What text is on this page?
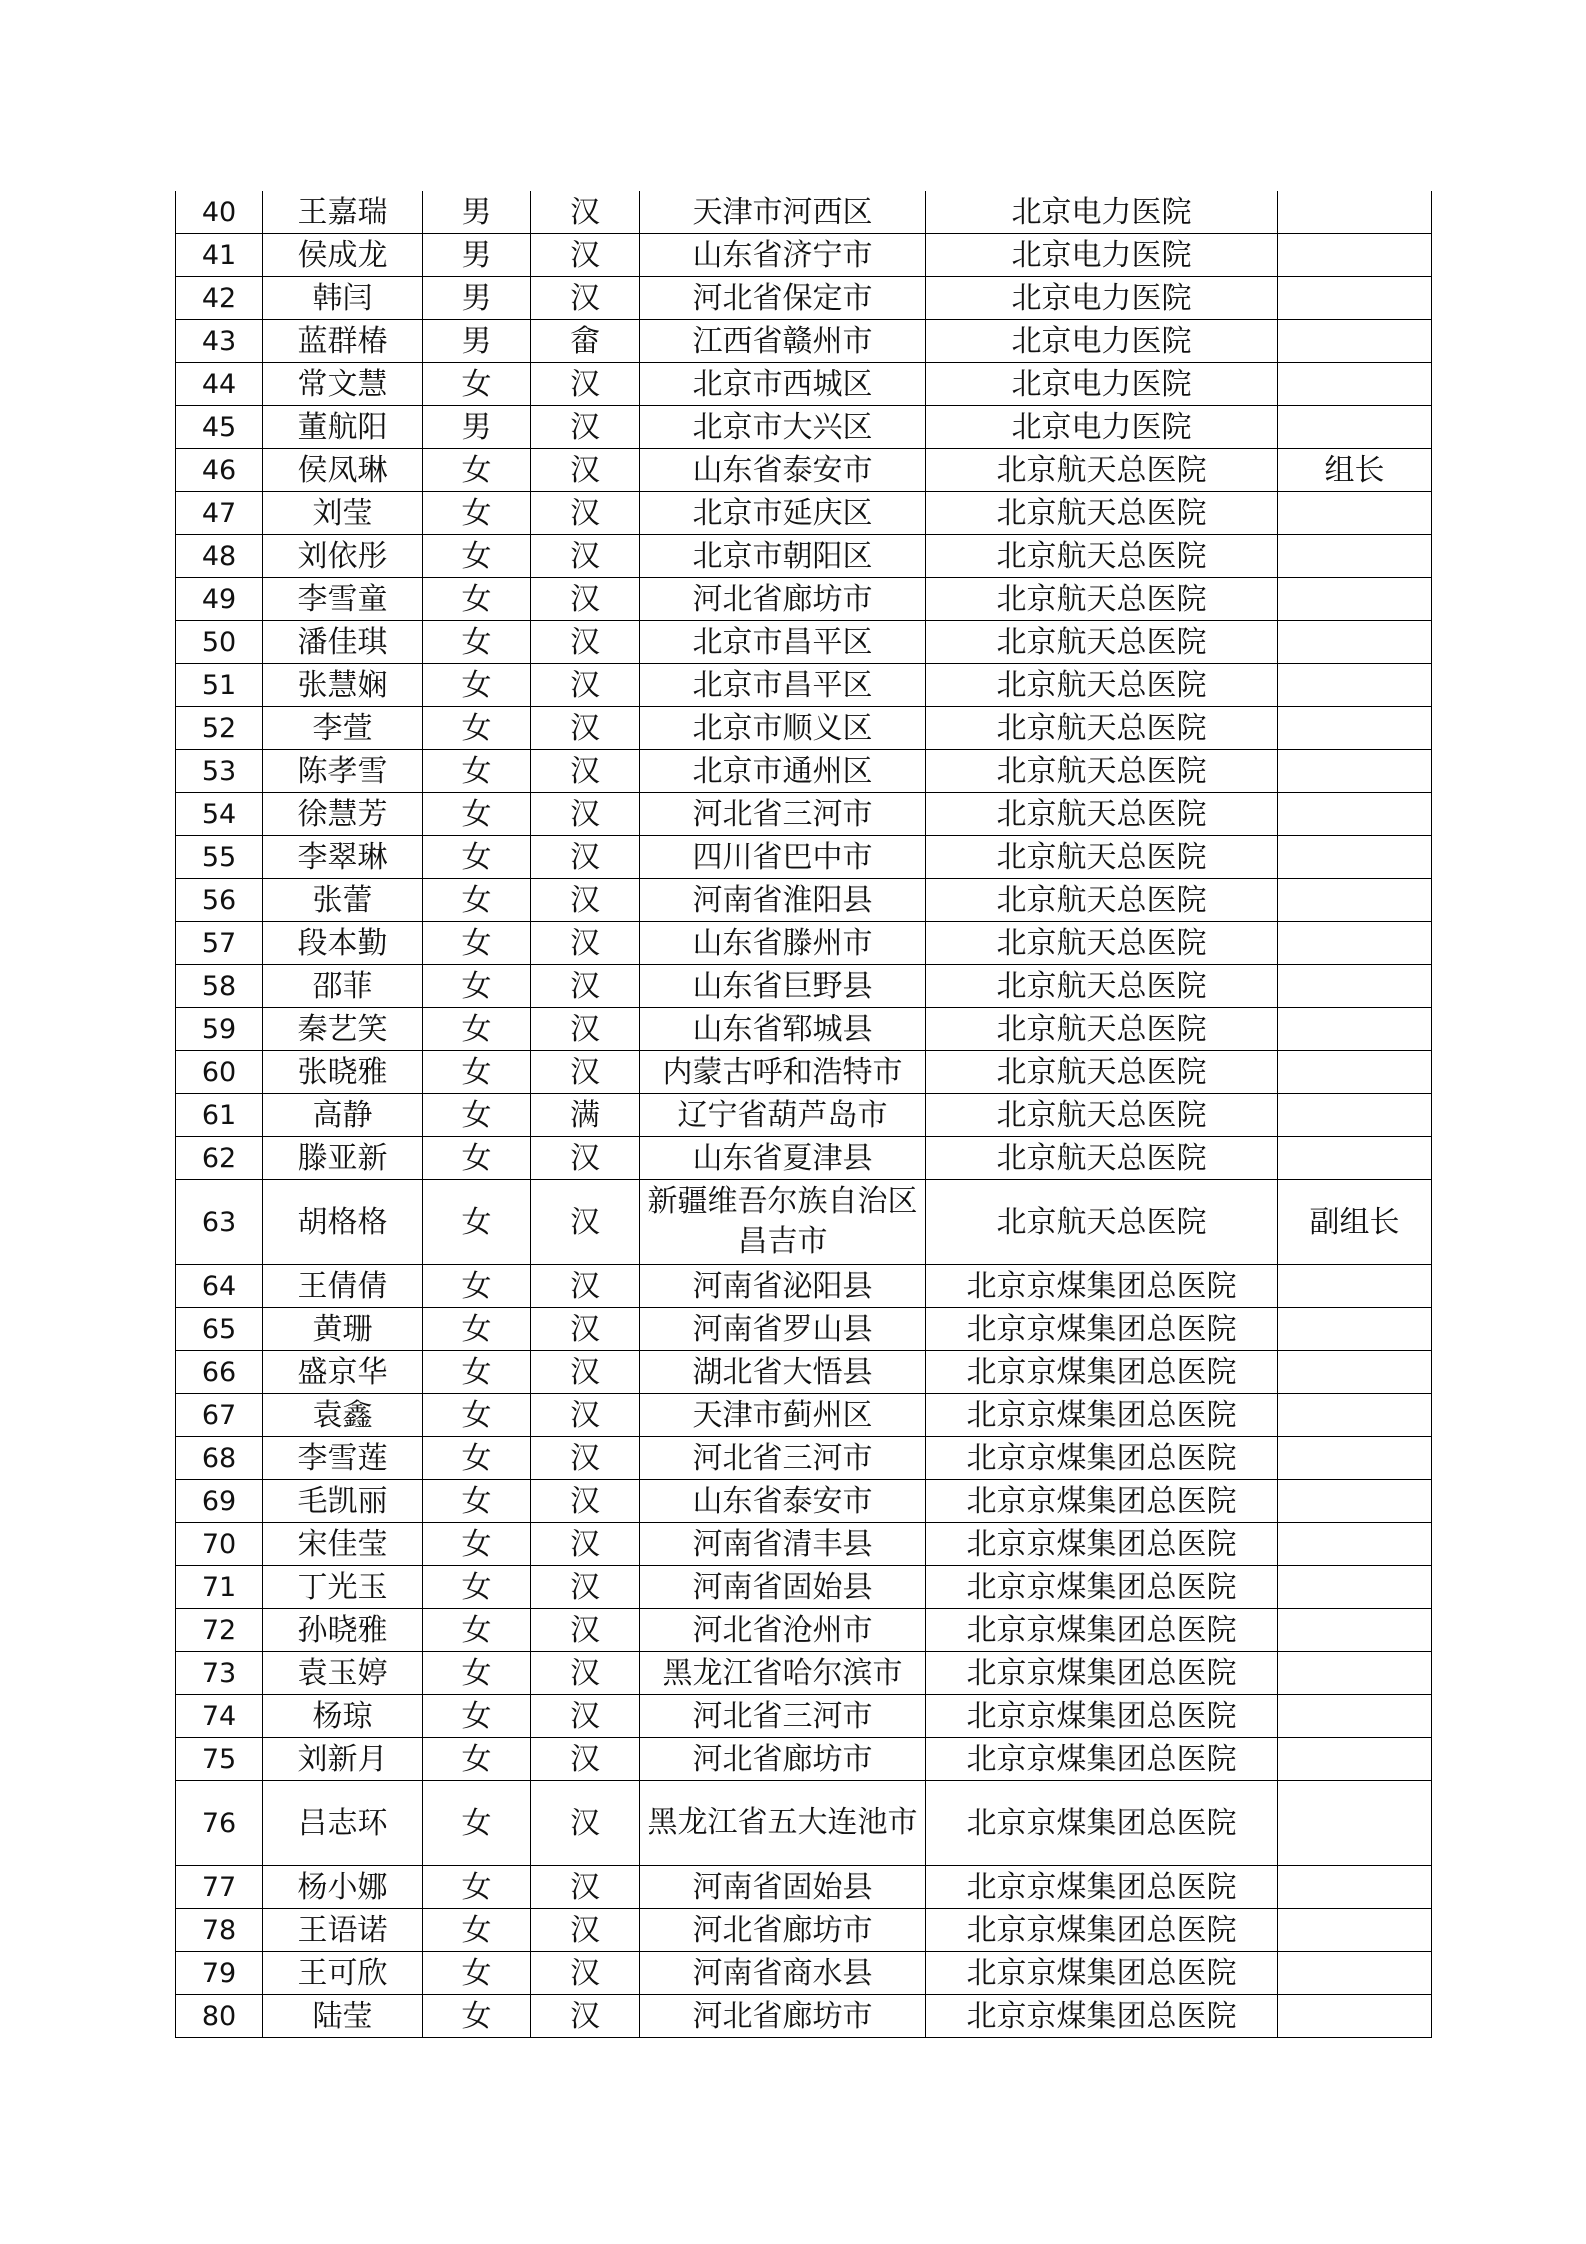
40	王嘉瑞	男	汉	天津市河西区	北京电力医院	
41	侯成龙	男	汉	山东省济宁市	北京电力医院	
42	韩闫	男	汉	河北省保定市	北京电力医院	
43	蓝群椿	男	畲	江西省赣州市	北京电力医院	
44	常文慧	女	汉	北京市西城区	北京电力医院	
45	董航阳	男	汉	北京市大兴区	北京电力医院	
46	侯凤琳	女	汉	山东省泰安市	北京航天总医院	组长
47	刘莹	女	汉	北京市延庆区	北京航天总医院	
48	刘依彤	女	汉	北京市朝阳区	北京航天总医院	
49	李雪童	女	汉	河北省廊坊市	北京航天总医院	
50	潘佳琪	女	汉	北京市昌平区	北京航天总医院	
51	张慧娴	女	汉	北京市昌平区	北京航天总医院	
52	李萱	女	汉	北京市顺义区	北京航天总医院	
53	陈孝雪	女	汉	北京市通州区	北京航天总医院	
54	徐慧芳	女	汉	河北省三河市	北京航天总医院	
55	李翠琳	女	汉	四川省巴中市	北京航天总医院	
56	张蕾	女	汉	河南省淮阳县	北京航天总医院	
57	段本勤	女	汉	山东省滕州市	北京航天总医院	
58	邵菲	女	汉	山东省巨野县	北京航天总医院	
59	秦艺笑	女	汉	山东省郓城县	北京航天总医院	
60	张晓雅	女	汉	内蒙古呼和浩特市	北京航天总医院	
61	高静	女	满	辽宁省葫芦岛市	北京航天总医院	
62	滕亚新	女	汉	山东省夏津县	北京航天总医院	
63	胡格格	女	汉	新疆维吾尔族自治区昌吉市	北京航天总医院	副组长
64	王倩倩	女	汉	河南省泌阳县	北京京煤集团总医院	
65	黄珊	女	汉	河南省罗山县	北京京煤集团总医院	
66	盛京华	女	汉	湖北省大悟县	北京京煤集团总医院	
67	袁鑫	女	汉	天津市蓟州区	北京京煤集团总医院	
68	李雪莲	女	汉	河北省三河市	北京京煤集团总医院	
69	毛凯丽	女	汉	山东省泰安市	北京京煤集团总医院	
70	宋佳莹	女	汉	河南省清丰县	北京京煤集团总医院	
71	丁光玉	女	汉	河南省固始县	北京京煤集团总医院	
72	孙晓雅	女	汉	河北省沧州市	北京京煤集团总医院	
73	袁玉婷	女	汉	黑龙江省哈尔滨市	北京京煤集团总医院	
74	杨琼	女	汉	河北省三河市	北京京煤集团总医院	
75	刘新月	女	汉	河北省廊坊市	北京京煤集团总医院	
76	吕志环	女	汉	黑龙江省五大连池市	北京京煤集团总医院	
77	杨小娜	女	汉	河南省固始县	北京京煤集团总医院	
78	王语诺	女	汉	河北省廊坊市	北京京煤集团总医院	
79	王可欣	女	汉	河南省商水县	北京京煤集团总医院	
80	陆莹	女	汉	河北省廊坊市	北京京煤集团总医院	
